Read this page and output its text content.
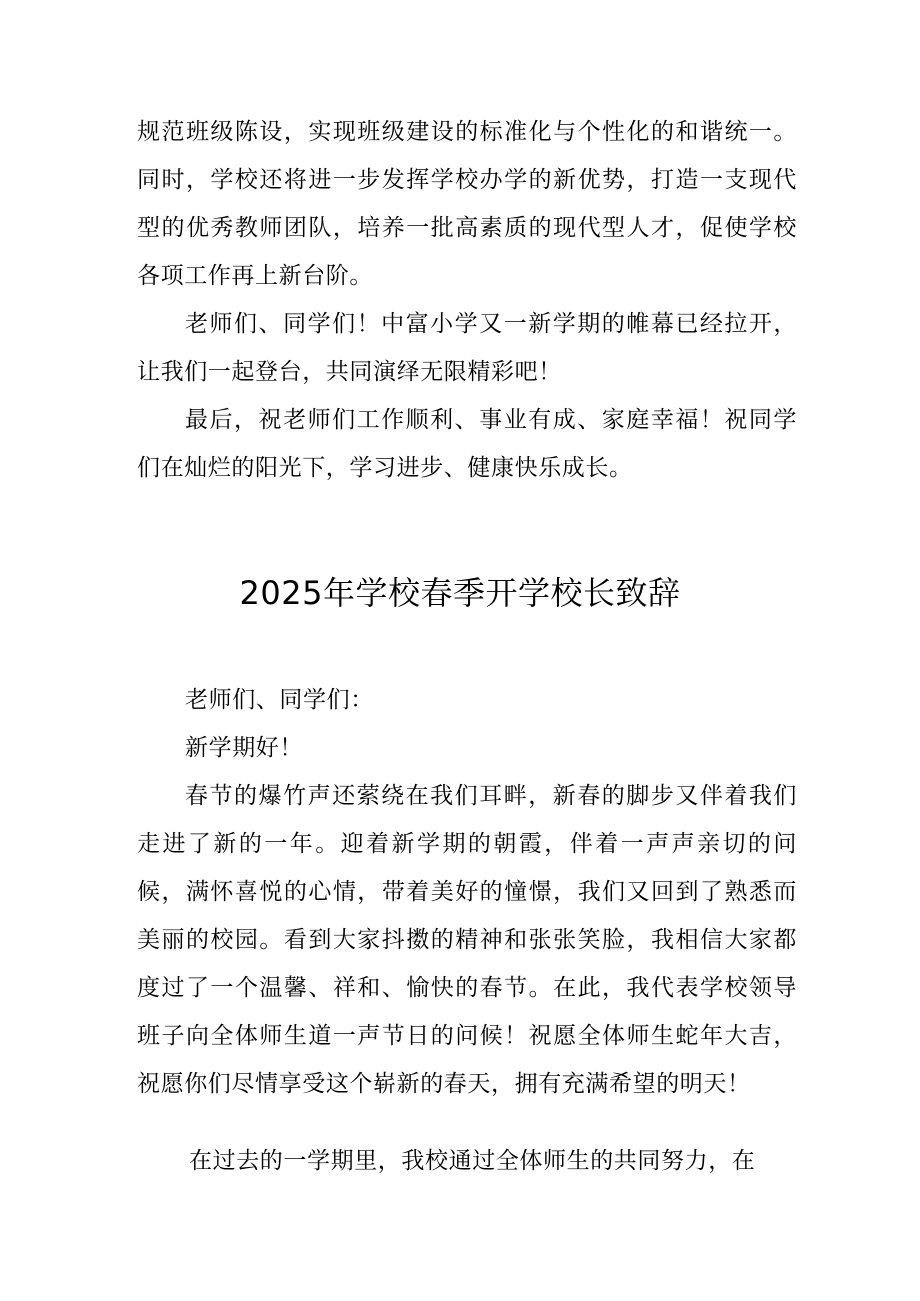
规范班级陈设，实现班级建设的标准化与个性化的和谐统一。同时，学校还将进一步发挥学校办学的新优势，打造一支现代型的优秀教师团队，培养一批高素质的现代型人才，促使学校各项工作再上新台阶。

老师们、同学们！中富小学又一新学期的帷幕已经拉开，让我们一起登台，共同演绎无限精彩吧！

最后，祝老师们工作顺利、事业有成、家庭幸福！祝同学们在灿烂的阳光下，学习进步、健康快乐成长。

2025年学校春季开学校长致辞

老师们、同学们：

新学期好！

春节的爆竹声还萦绕在我们耳畔，新春的脚步又伴着我们走进了新的一年。迎着新学期的朝霞，伴着一声声亲切的问候，满怀喜悦的心情，带着美好的憧憬，我们又回到了熟悉而美丽的校园。看到大家抖擞的精神和张张笑脸，我相信大家都度过了一个温馨、祥和、愉快的春节。在此，我代表学校领导班子向全体师生道一声节日的问候！祝愿全体师生蛇年大吉，祝愿你们尽情享受这个崭新的春天，拥有充满希望的明天！

在过去的一学期里，我校通过全体师生的共同努力，在
